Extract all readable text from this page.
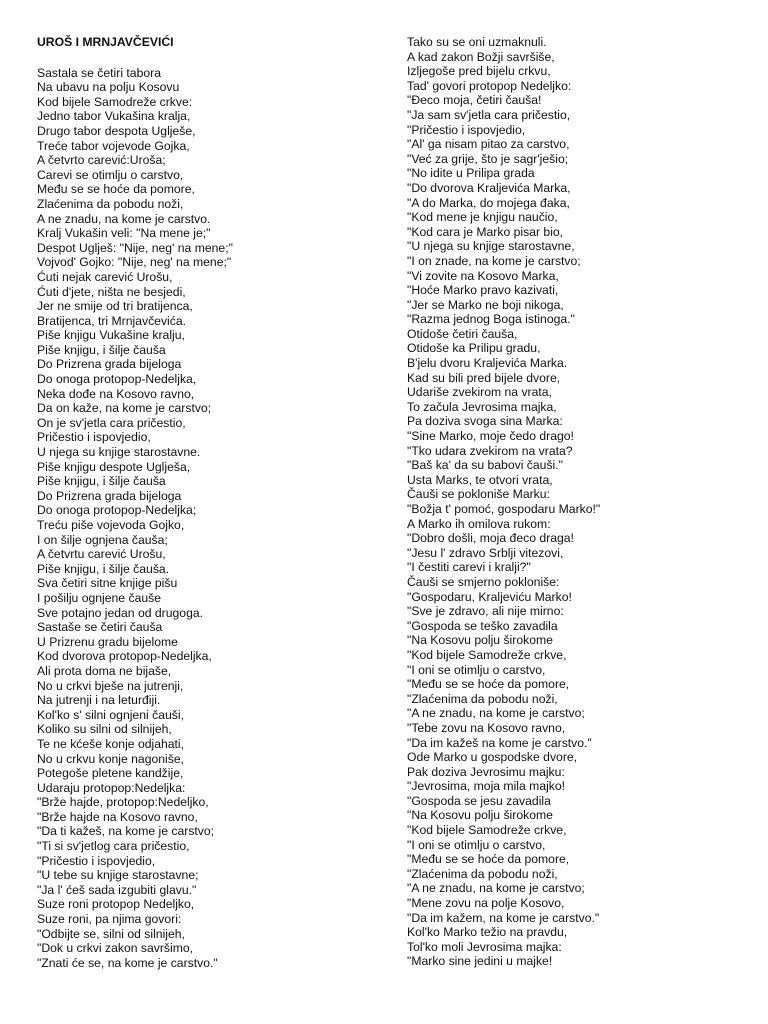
UROŠ I MRNJAVČEVIĆI
Sastala se četiri tabora
Na ubavu na polju Kosovu
Kod bijele Samodreže crkve:
Jedno tabor Vukašina kralja,
Drugo tabor despota Uglješe,
Treće tabor vojevode Gojka,
A četvrto carević:Uroša;
Carevi se otimlju o carstvo,
Među se se hoće da pomore,
Zlaćenima da pobodu noži,
A ne znadu, na kome je carstvo.
Kralj Vukašin veli: "Na mene je;"
Despot Uglješ: "Nije, neg' na mene;"
Vojvod' Gojko: "Nije, neg' na mene;"
Ćuti nejak carević Urošu,
Ćuti d'jete, ništa ne besjedi,
Jer ne smije od tri bratijenca,
Bratijenca, tri Mrnjavčevića.
Piše knjigu Vukašine kralju,
Piše knjigu, i šilje čauša
Do Prizrena grada bijeloga
Do onoga protopop-Nedeljka,
Neka dođe na Kosovo ravno,
Da on kaže, na kome je carstvo;
On je sv'jetla cara pričestio,
Pričestio i ispovjedio,
U njega su knjige starostavne.
Piše knjigu despote Uglješa,
Piše knjigu, i šilje čauša
Do Prizrena grada bijeloga
Do onoga protopop-Nedeljka;
Treću piše vojevoda Gojko,
I on šilje ognjena čauša;
A četvrtu carević Urošu,
Piše knjigu, i šilje čauša.
Sva četiri sitne knjige pišu
I pošilju ognjene čauše
Sve potajno jedan od drugoga.
Sastaše se četiri čauša
U Prizrenu gradu bijelome
Kod dvorova protopop-Nedeljka,
Ali prota doma ne bijaše,
No u crkvi bješe na jutrenji,
Na jutrenji i na leturđiji.
Kol'ko s' silni ognjeni čauši,
Koliko su silni od silnijeh,
Te ne kćeše konje odjahati,
No u crkvu konje nagoniše,
Potegoše pletene kandžije,
Udaraju protopop:Nedeljka:
"Brže hajde, protopop:Nedeljko,
"Brže hajde na Kosovo ravno,
"Da ti kažeš, na kome je carstvo;
"Ti si sv'jetlog cara pričestio,
"Pričestio i ispovjedio,
"U tebe su knjige starostavne;
"Ja l' ćeš sada izgubiti glavu."
Suze roni protopop Nedeljko,
Suze roni, pa njima govori:
"Odbijte se, silni od silnijeh,
"Dok u crkvi zakon savršimo,
"Znati će se, na kome je carstvo."
Tako su se oni uzmaknuli.
A kad zakon Božji savršiše,
Izljegoše pred bijelu crkvu,
Tad' govori protopop Nedeljko:
"Đeco moja, četiri čauša!
"Ja sam sv'jetla cara pričestio,
"Pričestio i ispovjedio,
"Al' ga nisam pitao za carstvo,
"Već za grije, što je sagr'ješio;
"No idite u Prilipa grada
"Do dvorova Kraljevića Marka,
"A do Marka, do mojega đaka,
"Kod mene je knjigu naučio,
"Kod cara je Marko pisar bio,
"U njega su knjige starostavne,
"I on znade, na kome je carstvo;
"Vi zovite na Kosovo Marka,
"Hoće Marko pravo kazivati,
"Jer se Marko ne boji nikoga,
"Razma jednog Boga istinoga."
Otidoše četiri čauša,
Otidoše ka Prilipu gradu,
B'jelu dvoru Kraljevića Marka.
Kad su bili pred bijele dvore,
Udariše zvekirom na vrata,
To začula Jevrosima majka,
Pa doziva svoga sina Marka:
"Sine Marko, moje čedo drago!
"Tko udara zvekirom na vrata?
"Baš ka' da su babovi čauši."
Usta Marks, te otvori vrata,
Čauši se pokloniše Marku:
"Božja t' pomoć, gospodaru Marko!"
A Marko ih omilova rukom:
"Dobro došli, moja đeco draga!
"Jesu l' zdravo Srblji vitezovi,
"I čestiti carevi i kralji?"
Čauši se smjerno pokloniše:
"Gospodaru, Kraljeviću Marko!
"Sve je zdravo, ali nije mirno:
"Gospoda se teško zavadila
"Na Kosovu polju širokome
"Kod bijele Samodreže crkve,
"I oni se otimlju o carstvo,
"Među se se hoće da pomore,
"Zlaćenima da pobodu noži,
"A ne znadu, na kome je carstvo;
"Tebe zovu na Kosovo ravno,
"Da im kažeš na kome je carstvo."
Ode Marko u gospodske dvore,
Pak doziva Jevrosimu majku:
"Jevrosima, moja mila majko!
"Gospoda se jesu zavadila
"Na Kosovu polju širokome
"Kod bijele Samodreže crkve,
"I oni se otimlju o carstvo,
"Među se se hoće da pomore,
"Zlaćenima da pobodu noži,
"A ne znadu, na kome je carstvo;
"Mene zovu na polje Kosovo,
"Da im kažem, na kome je carstvo."
Kol'ko Marko težio na pravdu,
Tol'ko moli Jevrosima majka:
"Marko sine jedini u majke!
